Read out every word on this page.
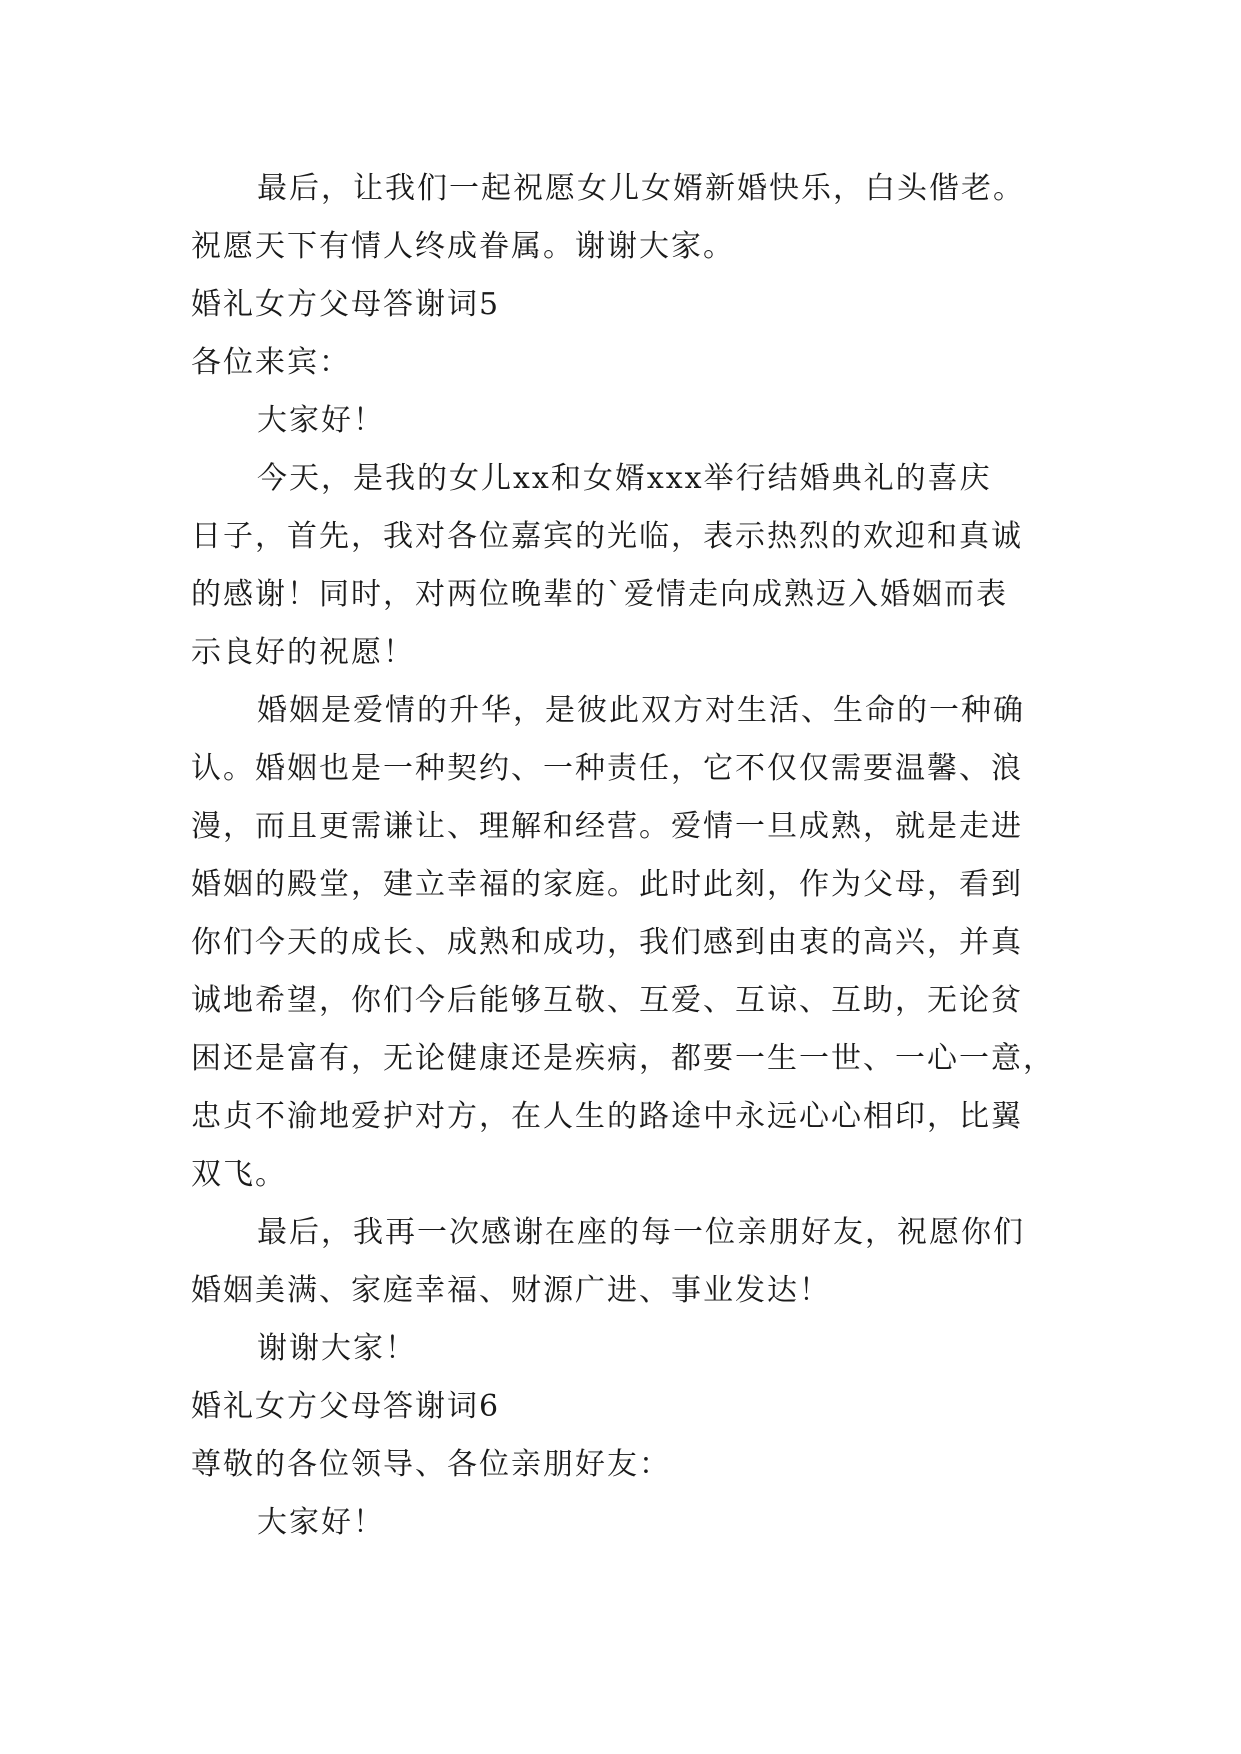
最后，让我们一起祝愿女儿女婿新婚快乐，白头偕老。

祝愿天下有情人终成眷属。谢谢大家。

婚礼女方父母答谢词5

各位来宾：

大家好！

今天，是我的女儿xx和女婿xxx举行结婚典礼的喜庆

日子，首先，我对各位嘉宾的光临，表示热烈的欢迎和真诚

的感谢！同时，对两位晚辈的`爱情走向成熟迈入婚姻而表

示良好的祝愿！

婚姻是爱情的升华，是彼此双方对生活、生命的一种确

认。婚姻也是一种契约、一种责任，它不仅仅需要温馨、浪

漫，而且更需谦让、理解和经营。爱情一旦成熟，就是走进

婚姻的殿堂，建立幸福的家庭。此时此刻，作为父母，看到

你们今天的成长、成熟和成功，我们感到由衷的高兴，并真

诚地希望，你们今后能够互敬、互爱、互谅、互助，无论贫

困还是富有，无论健康还是疾病，都要一生一世、一心一意，

忠贞不渝地爱护对方，在人生的路途中永远心心相印，比翼

双飞。

最后，我再一次感谢在座的每一位亲朋好友，祝愿你们

婚姻美满、家庭幸福、财源广进、事业发达！

谢谢大家！

婚礼女方父母答谢词6

尊敬的各位领导、各位亲朋好友：

大家好！
